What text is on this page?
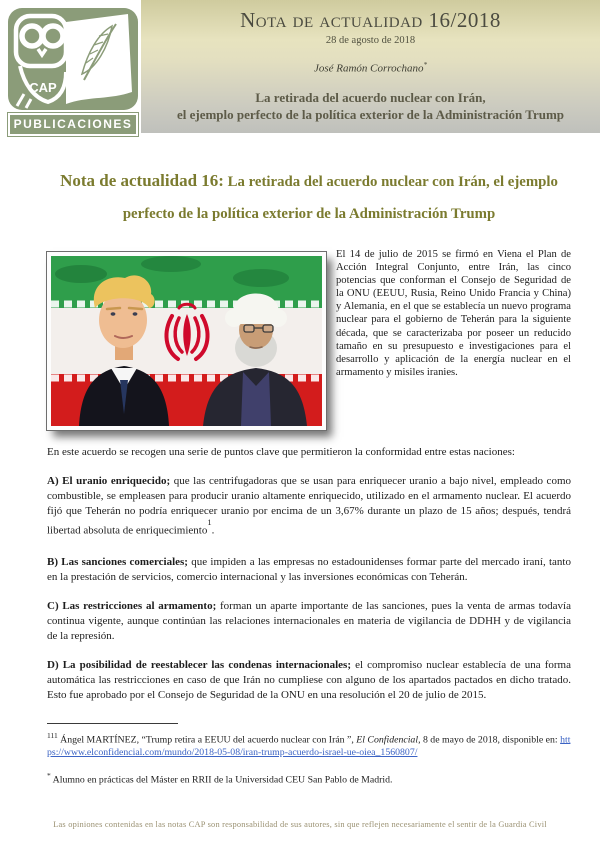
CAP
PUBLICACIONES
Nota de actualidad 16/2018
28 de agosto de 2018
José Ramón Corrochano*
La retirada del acuerdo nuclear con Irán,
el ejemplo perfecto de la política exterior de la Administración Trump
Nota de actualidad 16: La retirada del acuerdo nuclear con Irán, el ejemplo perfecto de la política exterior de la Administración Trump

El 14 de julio de 2015 se firmó en Viena el Plan de Acción Integral Conjunto, entre Irán, las cinco potencias que conforman el Consejo de Seguridad de la ONU (EEUU, Rusia, Reino Unido Francia y China) y Alemania, en el que se establecía un nuevo programa nuclear para el gobierno de Teherán para la siguiente década, que se caracterizaba por poseer un reducido tamaño en su presupuesto e investigaciones para el desarrollo y aplicación de la energía nuclear en el armamento y misiles iranies.

En este acuerdo se recogen una serie de puntos clave que permitieron la conformidad entre estas naciones:

A) El uranio enriquecido; que las centrifugadoras que se usan para enriquecer uranio a bajo nivel, empleado como combustible, se empleasen para producir uranio altamente enriquecido, utilizado en el armamento nuclear. El acuerdo fijó que Teherán no podría enriquecer uranio por encima de un 3,67% durante un plazo de 15 años; después, tendrá libertad absoluta de enriquecimiento$^1$.

B) Las sanciones comerciales; que impiden a las empresas no estadounidenses formar parte del mercado iraní, tanto en la prestación de servicios, comercio internacional y las inversiones económicas con Teherán.

C) Las restricciones al armamento; forman un aparte importante de las sanciones, pues la venta de armas todavía continua vigente, aunque continúan las relaciones internacionales en materia de vigilancia de DDHH y de vigilancia de la represión.

D) La posibilidad de reestablecer las condenas internacionales; el compromiso nuclear establecía de una forma automática las restricciones en caso de que Irán no cumpliese con alguno de los apartados pactados en dicho tratado. Esto fue aprobado por el Consejo de Seguridad de la ONU en una resolución el 20 de julio de 2015.

$^{111}$ Ángel MARTÍNEZ, “Trump retira a EEUU del acuerdo nuclear con Irán ”, El Confidencial, 8 de mayo de 2018, disponible en: https://www.elconfidencial.com/mundo/2018-05-08/iran-trump-acuerdo-israel-ue-oiea_1560807/

* Alumno en prácticas del Máster en RRII de la Universidad CEU San Pablo de Madrid.

Las opiniones contenidas en las notas CAP son responsabilidad de sus autores, sin que reflejen necesariamente el sentir de la Guardia Civil
